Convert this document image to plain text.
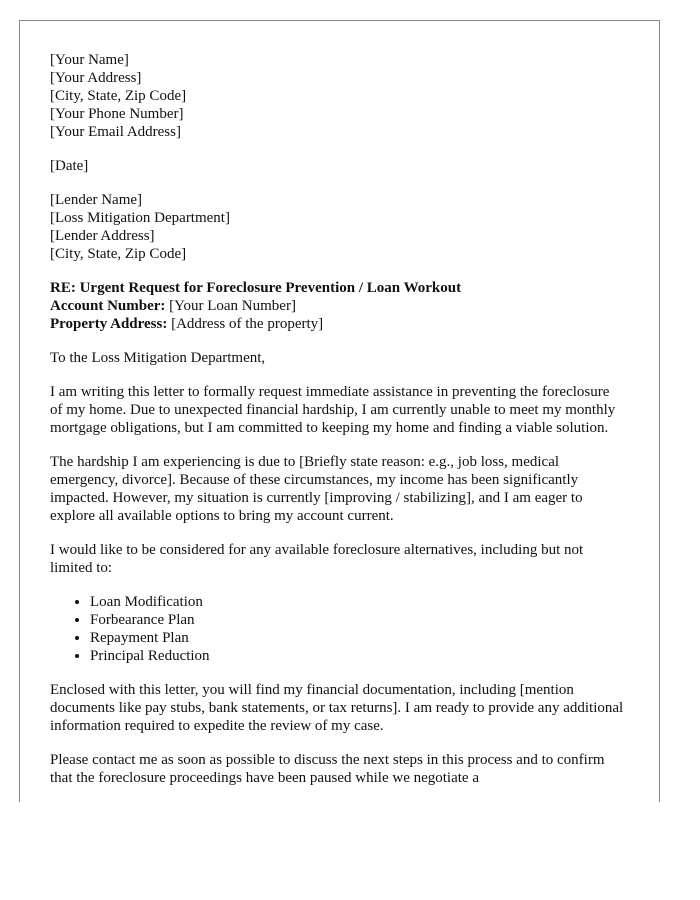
[Your Name]
[Your Address]
[City, State, Zip Code]
[Your Phone Number]
[Your Email Address]
[Date]
[Lender Name]
[Loss Mitigation Department]
[Lender Address]
[City, State, Zip Code]
RE: Urgent Request for Foreclosure Prevention / Loan Workout
Account Number: [Your Loan Number]
Property Address: [Address of the property]

To the Loss Mitigation Department,

I am writing this letter to formally request immediate assistance in preventing the foreclosure of my home. Due to unexpected financial hardship, I am currently unable to meet my monthly mortgage obligations, but I am committed to keeping my home and finding a viable solution.

The hardship I am experiencing is due to [Briefly state reason: e.g., job loss, medical emergency, divorce]. Because of these circumstances, my income has been significantly impacted. However, my situation is currently [improving / stabilizing], and I am eager to explore all available options to bring my account current.

I would like to be considered for any available foreclosure alternatives, including but not limited to:

• Loan Modification
• Forbearance Plan
• Repayment Plan
• Principal Reduction

Enclosed with this letter, you will find my financial documentation, including [mention documents like pay stubs, bank statements, or tax returns]. I am ready to provide any additional information required to expedite the review of my case.

Please contact me as soon as possible to discuss the next steps in this process and to confirm that the foreclosure proceedings have been paused while we negotiate a
